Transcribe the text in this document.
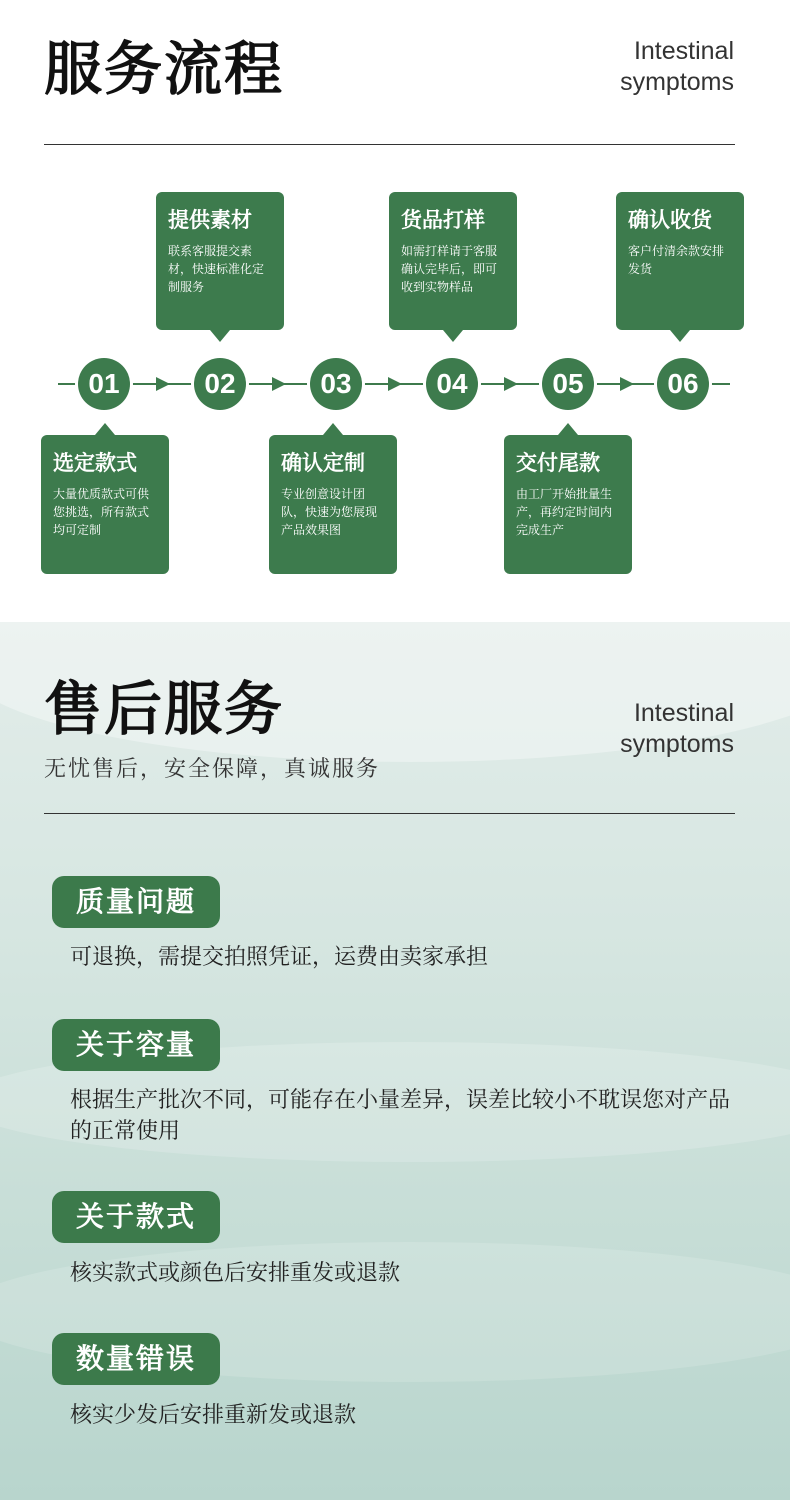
服务流程	Intestinal
symptoms
01	02	03	04	05	06
提供素材
联系客服提交素材，快速标准化定制服务
货品打样
如需打样请于客服确认完毕后，即可收到实物样品
确认收货
客户付清余款安排发货
选定款式
大量优质款式可供您挑选，所有款式均可定制
确认定制
专业创意设计团队，快速为您展现产品效果图
交付尾款
由工厂开始批量生产，再约定时间内完成生产
售后服务
无忧售后，安全保障，真诚服务
Intestinal
symptoms
质量问题
可退换，需提交拍照凭证，运费由卖家承担
关于容量
根据生产批次不同，可能存在小量差异，误差比较小不耽误您对产品的正常使用
关于款式
核实款式或颜色后安排重发或退款
数量错误
核实少发后安排重新发或退款
